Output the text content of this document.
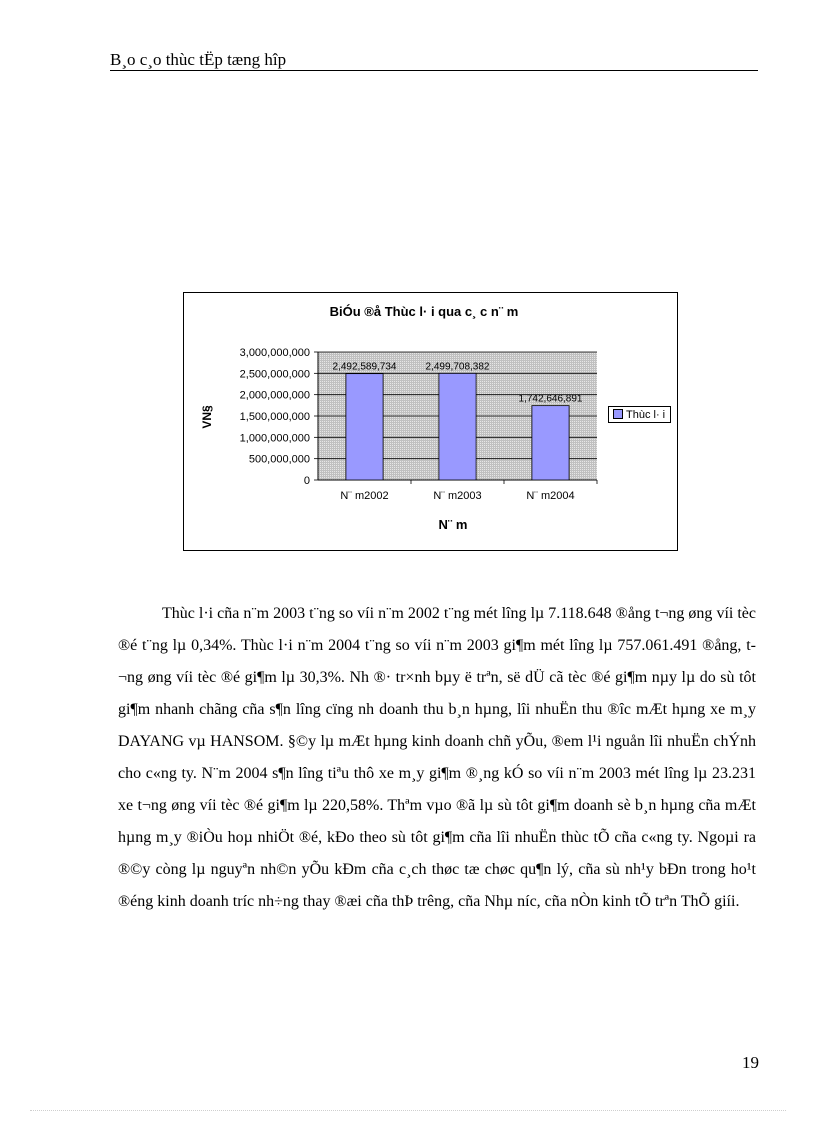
B¸o c¸o thùc tËp tæng hîp
BiÓu ®å Thùc l· i qua c¸ c n¨ m
VN§
N¨ m
0
500,000,000
1,000,000,000
1,500,000,000
2,000,000,000
2,500,000,000
3,000,000,000
2,492,589,734
N¨ m2002
2,499,708,382
N¨ m2003
1,742,646,891
N¨ m2004
Thùc l· i

Thùc l·i cña n¨m 2003 t¨ng so víi n¨m 2002 t¨ng mét lîng lµ 7.118.648 ®ång t¬ng øng víi tèc ®é t¨ng lµ 0,34%. Thùc l·i n¨m 2004 t¨ng so víi n¨m 2003 gi¶m mét lîng lµ 757.061.491 ®ång, t¬ng øng víi tèc ®é gi¶m lµ 30,3%. Nh ®· tr×nh bµy ë trªn, së dÜ cã tèc ®é gi¶m nµy lµ do sù tôt gi¶m nhanh chãng cña s¶n lîng cïng nh doanh thu b¸n hµng, lîi nhuËn thu ®îc mÆt hµng xe m¸y DAYANG vµ HANSOM. §©y lµ mÆt hµng kinh doanh chñ yÕu, ®em l¹i nguån lîi nhuËn chÝnh cho c«ng ty. N¨m 2004 s¶n lîng tiªu thô xe m¸y gi¶m ®¸ng kÓ so víi n¨m 2003 mét lîng lµ 23.231 xe t¬ng øng víi tèc ®é gi¶m lµ 220,58%. Thªm vµo ®ã lµ sù tôt gi¶m doanh sè b¸n hµng cña mÆt hµng m¸y ®iÒu hoµ nhiÖt ®é, kÐo theo sù tôt gi¶m cña lîi nhuËn thùc tÕ cña c«ng ty. Ngoµi ra ®©y còng lµ nguyªn nh©n yÕu kÐm cña c¸ch thøc tæ chøc qu¶n lý, cña sù nh¹y bÐn trong ho¹t ®éng kinh doanh tríc nh÷ng thay ®æi cña thÞ trêng, cña Nhµ níc, cña nÒn kinh tÕ trªn ThÕ giíi.

19
